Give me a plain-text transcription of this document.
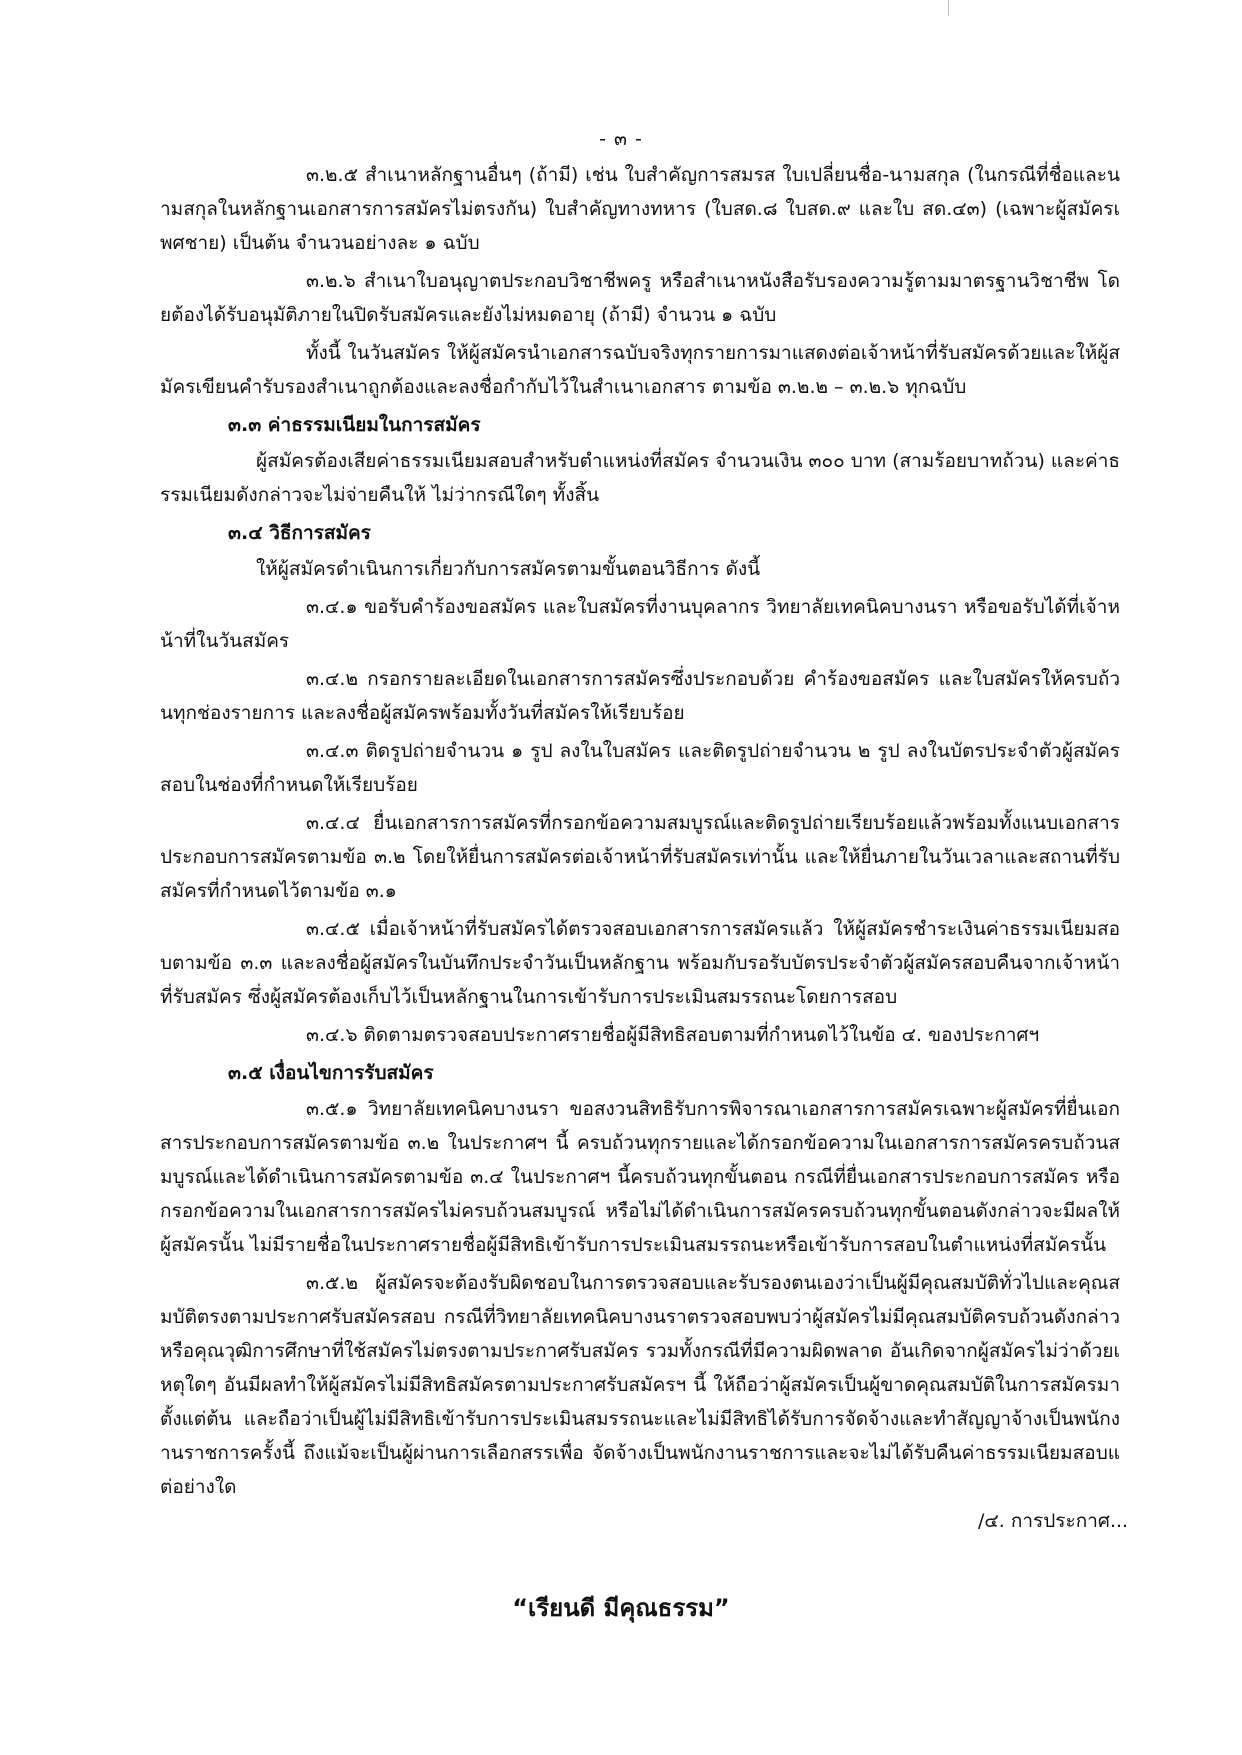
- ๓ -

๓.๒.๕ สำเนาหลักฐานอื่นๆ (ถ้ามี) เช่น ใบสำคัญการสมรส ใบเปลี่ยนชื่อ-นามสกุล (ในกรณีที่ชื่อและนามสกุลในหลักฐานเอกสารการสมัครไม่ตรงกัน) ใบสำคัญทางทหาร (ใบสด.๘ ใบสด.๙ และใบ สด.๔๓) (เฉพาะผู้สมัครเพศชาย) เป็นต้น จำนวนอย่างละ ๑ ฉบับ

๓.๒.๖ สำเนาใบอนุญาตประกอบวิชาชีพครู หรือสำเนาหนังสือรับรองความรู้ตามมาตรฐานวิชาชีพ โดยต้องได้รับอนุมัติภายในปิดรับสมัครและยังไม่หมดอายุ (ถ้ามี) จำนวน ๑ ฉบับ

ทั้งนี้ ในวันสมัคร ให้ผู้สมัครนำเอกสารฉบับจริงทุกรายการมาแสดงต่อเจ้าหน้าที่รับสมัครด้วยและให้ผู้สมัครเขียนคำรับรองสำเนาถูกต้องและลงชื่อกำกับไว้ในสำเนาเอกสาร ตามข้อ ๓.๒.๒ – ๓.๒.๖ ทุกฉบับ

๓.๓ ค่าธรรมเนียมในการสมัคร

ผู้สมัครต้องเสียค่าธรรมเนียมสอบสำหรับตำแหน่งที่สมัคร จำนวนเงิน ๓๐๐ บาท (สามร้อยบาทถ้วน) และค่าธรรมเนียมดังกล่าวจะไม่จ่ายคืนให้ ไม่ว่ากรณีใดๆ ทั้งสิ้น

๓.๔ วิธีการสมัคร

ให้ผู้สมัครดำเนินการเกี่ยวกับการสมัครตามขั้นตอนวิธีการ ดังนี้

๓.๔.๑ ขอรับคำร้องขอสมัคร และใบสมัครที่งานบุคลากร วิทยาลัยเทคนิคบางนรา หรือขอรับได้ที่เจ้าหน้าที่ในวันสมัคร

๓.๔.๒ กรอกรายละเอียดในเอกสารการสมัครซึ่งประกอบด้วย คำร้องขอสมัคร และใบสมัครให้ครบถ้วนทุกช่องรายการ และลงชื่อผู้สมัครพร้อมทั้งวันที่สมัครให้เรียบร้อย

๓.๔.๓ ติดรูปถ่ายจำนวน ๑ รูป ลงในใบสมัคร และติดรูปถ่ายจำนวน ๒ รูป ลงในบัตรประจำตัวผู้สมัครสอบในช่องที่กำหนดให้เรียบร้อย

๓.๔.๔ ยื่นเอกสารการสมัครที่กรอกข้อความสมบูรณ์และติดรูปถ่ายเรียบร้อยแล้วพร้อมทั้งแนบเอกสารประกอบการสมัครตามข้อ ๓.๒ โดยให้ยื่นการสมัครต่อเจ้าหน้าที่รับสมัครเท่านั้น และให้ยื่นภายในวันเวลาและสถานที่รับสมัครที่กำหนดไว้ตามข้อ ๓.๑

๓.๔.๕ เมื่อเจ้าหน้าที่รับสมัครได้ตรวจสอบเอกสารการสมัครแล้ว ให้ผู้สมัครชำระเงินค่าธรรมเนียมสอบตามข้อ ๓.๓ และลงชื่อผู้สมัครในบันทึกประจำวันเป็นหลักฐาน พร้อมกับรอรับบัตรประจำตัวผู้สมัครสอบคืนจากเจ้าหน้าที่รับสมัคร ซึ่งผู้สมัครต้องเก็บไว้เป็นหลักฐานในการเข้ารับการประเมินสมรรถนะโดยการสอบ

๓.๔.๖ ติดตามตรวจสอบประกาศรายชื่อผู้มีสิทธิสอบตามที่กำหนดไว้ในข้อ ๔. ของประกาศฯ

๓.๕ เงื่อนไขการรับสมัคร

๓.๕.๑ วิทยาลัยเทคนิคบางนรา ขอสงวนสิทธิรับการพิจารณาเอกสารการสมัครเฉพาะผู้สมัครที่ยื่นเอกสารประกอบการสมัครตามข้อ ๓.๒ ในประกาศฯ นี้ ครบถ้วนทุกรายและได้กรอกข้อความในเอกสารการสมัครครบถ้วนสมบูรณ์และได้ดำเนินการสมัครตามข้อ ๓.๔ ในประกาศฯ นี้ครบถ้วนทุกขั้นตอน กรณีที่ยื่นเอกสารประกอบการสมัคร หรือกรอกข้อความในเอกสารการสมัครไม่ครบถ้วนสมบูรณ์ หรือไม่ได้ดำเนินการสมัครครบถ้วนทุกขั้นตอนดังกล่าวจะมีผลให้ผู้สมัครนั้น ไม่มีรายชื่อในประกาศรายชื่อผู้มีสิทธิเข้ารับการประเมินสมรรถนะหรือเข้ารับการสอบในตำแหน่งที่สมัครนั้น

๓.๕.๒ ผู้สมัครจะต้องรับผิดชอบในการตรวจสอบและรับรองตนเองว่าเป็นผู้มีคุณสมบัติทั่วไปและคุณสมบัติตรงตามประกาศรับสมัครสอบ กรณีที่วิทยาลัยเทคนิคบางนราตรวจสอบพบว่าผู้สมัครไม่มีคุณสมบัติครบถ้วนดังกล่าว หรือคุณวุฒิการศึกษาที่ใช้สมัครไม่ตรงตามประกาศรับสมัคร รวมทั้งกรณีที่มีความผิดพลาด อันเกิดจากผู้สมัครไม่ว่าด้วยเหตุใดๆ อันมีผลทำให้ผู้สมัครไม่มีสิทธิสมัครตามประกาศรับสมัครฯ นี้ ให้ถือว่าผู้สมัครเป็นผู้ขาดคุณสมบัติในการสมัครมาตั้งแต่ต้น และถือว่าเป็นผู้ไม่มีสิทธิเข้ารับการประเมินสมรรถนะและไม่มีสิทธิได้รับการจัดจ้างและทำสัญญาจ้างเป็นพนักงานราชการครั้งนี้ ถึงแม้จะเป็นผู้ผ่านการเลือกสรรเพื่อ จัดจ้างเป็นพนักงานราชการและจะไม่ได้รับคืนค่าธรรมเนียมสอบแต่อย่างใด

/๔. การประกาศ...
“เรียนดี มีคุณธรรม”
